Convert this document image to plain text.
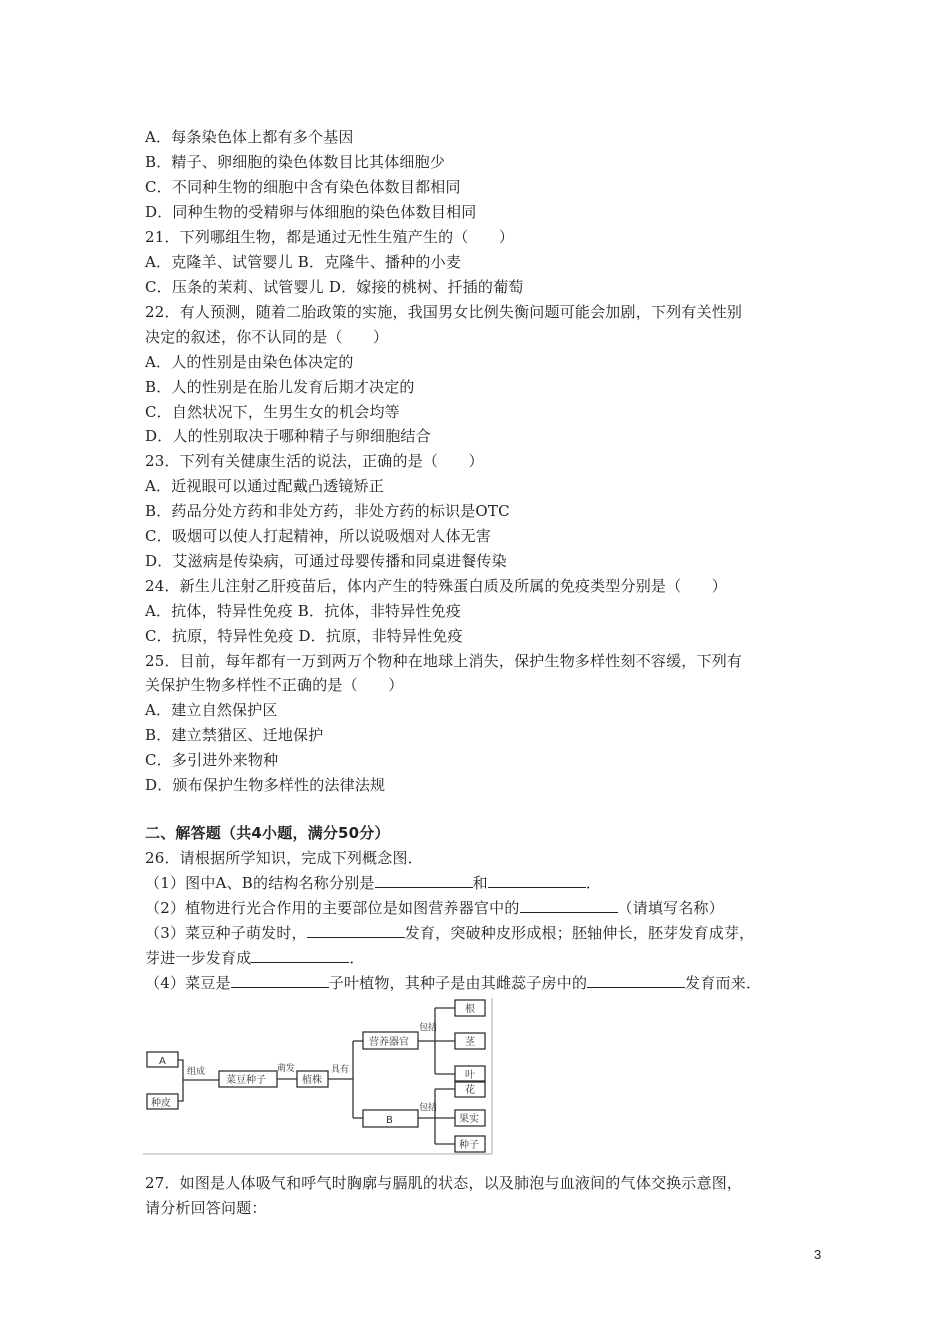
A．每条染色体上都有多个基因
B．精子、卵细胞的染色体数目比其体细胞少
C．不同种生物的细胞中含有染色体数目都相同
D．同种生物的受精卵与体细胞的染色体数目相同
21．下列哪组生物，都是通过无性生殖产生的（　　）
A．克隆羊、试管婴儿 B．克隆牛、播种的小麦
C．压条的茉莉、试管婴儿 D．嫁接的桃树、扦插的葡萄
22．有人预测，随着二胎政策的实施，我国男女比例失衡问题可能会加剧，下列有关性别
决定的叙述，你不认同的是（　　）
A．人的性别是由染色体决定的
B．人的性别是在胎儿发育后期才决定的
C．自然状况下，生男生女的机会均等
D．人的性别取决于哪种精子与卵细胞结合
23．下列有关健康生活的说法，正确的是（　　）
A．近视眼可以通过配戴凸透镜矫正
B．药品分处方药和非处方药，非处方药的标识是OTC
C．吸烟可以使人打起精神，所以说吸烟对人体无害
D．艾滋病是传染病，可通过母婴传播和同桌进餐传染
24．新生儿注射乙肝疫苗后，体内产生的特殊蛋白质及所属的免疫类型分别是（　　）
A．抗体，特异性免疫 B．抗体，非特异性免疫
C．抗原，特异性免疫 D．抗原，非特异性免疫
25．目前，每年都有一万到两万个物种在地球上消失，保护生物多样性刻不容缓，下列有
关保护生物多样性不正确的是（　　）
A．建立自然保护区
B．建立禁猎区、迁地保护
C．多引进外来物种
D．颁布保护生物多样性的法律法规
二、解答题（共4小题，满分50分）
26．请根据所学知识，完成下列概念图．
（1）图中A、B的结构名称分别是	和	．
（2）植物进行光合作用的主要部位是如图营养器官中的	（请填写名称）
（3）菜豆种子萌发时，	发育，突破种皮形成根；胚轴伸长，胚芽发育成芽，
芽进一步发育成	．
（4）菜豆是	子叶植物，其种子是由其雌蕊子房中的	发育而来．
A
种皮
组成
菜豆种子
萌发
植株
具有
营养器官
B
包括
包括
根
茎
叶
花
果实
种子
27．如图是人体吸气和呼气时胸廓与膈肌的状态，以及肺泡与血液间的气体交换示意图，
请分析回答问题：
3
